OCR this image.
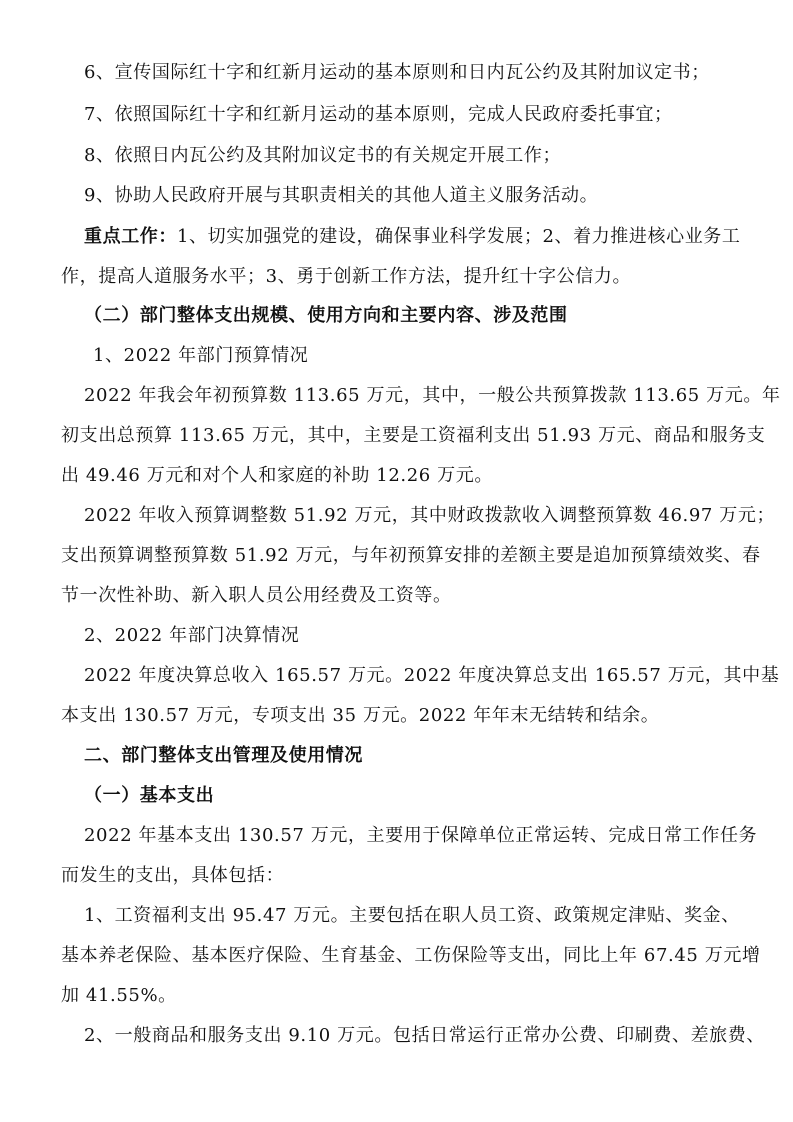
6、宣传国际红十字和红新月运动的基本原则和日内瓦公约及其附加议定书；
7、依照国际红十字和红新月运动的基本原则，完成人民政府委托事宜；
8、依照日内瓦公约及其附加议定书的有关规定开展工作；
9、协助人民政府开展与其职责相关的其他人道主义服务活动。
重点工作：1、切实加强党的建设，确保事业科学发展；2、着力推进核心业务工
作，提高人道服务水平；3、勇于创新工作方法，提升红十字公信力。
（二）部门整体支出规模、使用方向和主要内容、涉及范围
1、2022 年部门预算情况
2022 年我会年初预算数 113.65 万元，其中，一般公共预算拨款 113.65 万元。年
初支出总预算 113.65 万元，其中，主要是工资福利支出 51.93 万元、商品和服务支
出 49.46 万元和对个人和家庭的补助 12.26 万元。
2022 年收入预算调整数 51.92 万元，其中财政拨款收入调整预算数 46.97 万元；
支出预算调整预算数 51.92 万元，与年初预算安排的差额主要是追加预算绩效奖、春
节一次性补助、新入职人员公用经费及工资等。
2、2022 年部门决算情况
2022 年度决算总收入 165.57 万元。2022 年度决算总支出 165.57 万元，其中基
本支出 130.57 万元，专项支出 35 万元。2022 年年末无结转和结余。
二、部门整体支出管理及使用情况
（一）基本支出
2022 年基本支出 130.57 万元，主要用于保障单位正常运转、完成日常工作任务
而发生的支出，具体包括：
1、工资福利支出 95.47 万元。主要包括在职人员工资、政策规定津贴、奖金、
基本养老保险、基本医疗保险、生育基金、工伤保险等支出，同比上年 67.45 万元增
加 41.55%。
2、一般商品和服务支出 9.10 万元。包括日常运行正常办公费、印刷费、差旅费、
